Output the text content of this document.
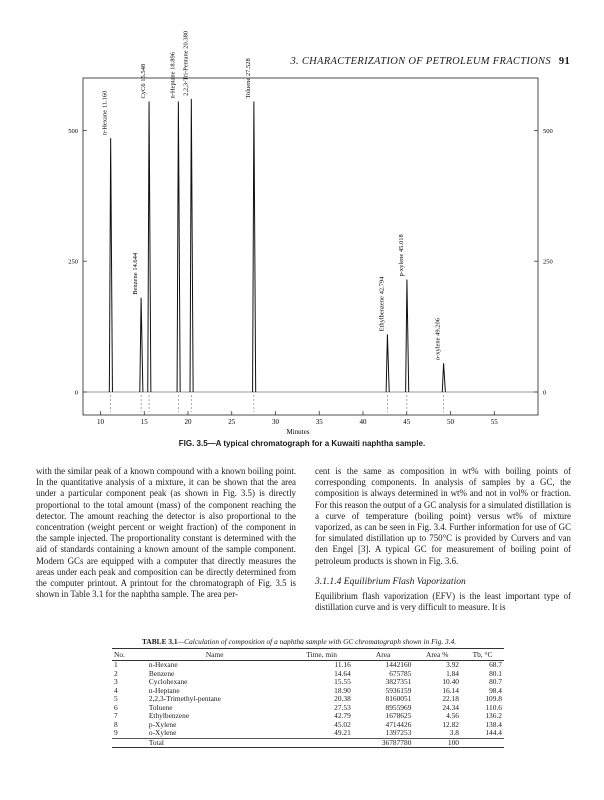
3. CHARACTERIZATION OF PETROLEUM FRACTIONS 91
10	15	20	25	30	35	40	45	50	55
0	0
250	250
500	500
n-Hexane 11.160
Benzene 14.644
CyC6 15.548	n-Heptane 18.896 2,2,3-Tri-Pentane 20.380	Toluene 27.528
Ethylbenzene 42.794
p-xylene 45.018
o-xylene 49.206
Minutes
FIG. 3.5—A typical chromatograph for a Kuwaiti naphtha sample.

with the similar peak of a known compound with a known boiling point. In the quantitative analysis of a mixture, it can be shown that the area under a particular component peak (as shown in Fig. 3.5) is directly proportional to the total amount (mass) of the component reaching the detector. The amount reaching the detector is also proportional to the concentration (weight percent or weight fraction) of the component in the sample injected. The proportionality constant is determined with the aid of standards containing a known amount of the sample component. Modern GCs are equipped with a computer that directly measures the areas under each peak and composition can be directly determined from the computer printout. A printout for the chromatograph of Fig. 3.5 is shown in Table 3.1 for the naphtha sample. The area per-

cent is the same as composition in wt% with boiling points of corresponding components. In analysis of samples by a GC, the composition is always determined in wt% and not in vol% or fraction. For this reason the output of a GC analysis for a simulated distillation is a curve of temperature (boiling point) versus wt% of mixture vaporized, as can be seen in Fig. 3.4. Further information for use of GC for simulated distillation up to 750°C is provided by Curvers and van den Engel [3]. A typical GC for measurement of boiling point of petroleum products is shown in Fig. 3.6.

3.1.1.4 Equilibrium Flash Vaporization

Equilibrium flash vaporization (EFV) is the least important type of distillation curve and is very difficult to measure. It is

TABLE 3.1—Calculation of composition of a naphtha sample with GC chromatograph shown in Fig. 3.4.
No.	Name	Time, min	Area	Area %	Tb, °C
1	n-Hexane	11.16	1442160	3.92	68.7
2	Benzene	14.64	675785	1.84	80.1
3	Cyclohexane	15.55	3827351	10.40	80.7
4	n-Heptane	18.90	5936159	16.14	98.4
5	2,2,3-Trimethyl-pentane	20.38	8160051	22.18	109.8
6	Toluene	27.53	8955969	24.34	110.6
7	Ethylbenzene	42.79	1678625	4.56	136.2
8	p-Xylene	45.02	4714426	12.82	138.4
9	o-Xylene	49.21	1397253	3.8	144.4
	Total		36787780	100	
